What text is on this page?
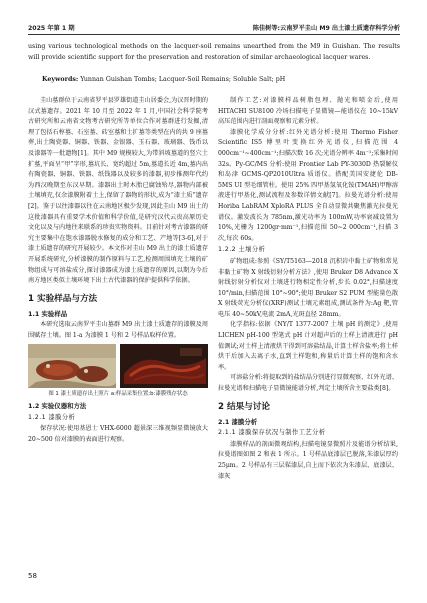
2025 年第 1 期	陈佳树等:云南罗平圭山 M9 出土漆土质遗存科学分析
using various technological methods on the lacquer-soil remains unearthed from the M9 in Guishan. The results will provide scientific support for the preservation and restoration of similar archaeological lacquer wares.
Keywords: Yunnan Guishan Tombs; Lacquer-Soil Remains; Soluble Salt; pH

圭山墓群位于云南省罗平县罗雄街道圭山居委会,为汉晋时期的汉式墓遗存。2021 年 10 月至 2022 年 1 月,中国社会科学院考古研究所和云南省文物考古研究所等单位合作对墓群进行发掘,清理了包括石椁墓、石室墓、砖室墓和土扩墓等类型在内的共 9 座墓葬,出土陶瓷器、铜器、铁器、金银器、玉石器、玻璃器、钱币以及漆器等一批遗物[1]。其中 M9 规模较大,为带斜坡墓道的竖穴土扩墓,平面呈“甲”字形,墓坑长、宽约超过 5m,墓道长近 4m,墓内出有陶瓷器、铜器、铁器、纸钱器以及较多的漆器,初步推测年代约为西汉晚期至东汉早期。漆器出土时木胎已腐蚀殆尽,器物内部被土壤填充,仅余漆膜附着土上,保留了器物的形状,成为“漆土质”遗存[2]。鉴于以往漆器以往在云南地区极少发现,因此圭山 M9 出土的这批漆器具有重要学术价值和科学价值,是研究汉代云贵高原历史文化以及与内地往来联系的珍贵实物资料。目前针对考古漆器的研究主要集中在饱水漆器脱水修复的成分和工艺、产地等[3-6],对于漆土质遗存的研究开展较少。本文作对圭山 M9 出土的漆土质遗存开展系统研究,分析漆膜的制作原料与工艺,检测周围填充土壤的矿物组成与可溶盐成分,探讨漆器成为漆土质遗存的原因,以期为今后南方地区类似土壤环境下出土古代漆器的保护提供科学依据。

1 实验样品与方法
1.1 实验样品

本研究选取云南罗平圭山墓群 M9 出土漆土质遗存的漆膜及周围赋存土壤。图 1-a 为漆膜 1 号和 2 号样品取样位置。

图 1 漆土质遗存出土照片 a:样品采集位置;b:漆膜残存状态
1.2 实验仪器和方法
1.2.1 漆膜分析

保存状况:使用基恩士 VHX-6000 超景深三维视频显微镜放大 20~500 倍对漆膜的表面进行观察。

制作工艺:对漆膜样品树脂包埋、抛光和喷金后,使用 HITACHI SU8100 冷场扫描电子显微镜—能谱仪在 10~15kV 高压范围内进行剖面观察和元素分析。

漆膜化学成分分析:红外光谱分析:使用 Thermo Fisher Scientific IS5 傅里叶变换红外光谱仪,扫描范围 4 000cm⁻¹~400cm⁻¹;扫描次数 16 次;光谱分辨率 4m⁻¹;采集时间 32s。Py-GC/MS 分析:使用 Frontier Lab PY-3030D 热裂解仪和岛津 GCMS-QP2010Ultra 质谱仪。搭配美国安捷伦 DB-5MS UI 型毛细管柱。使用 25% 四甲基氢氧化铵(TMAH)甲醇溶液进行甲基化,测试流程及参数详情文献[7]。拉曼光谱分析:使用 Horiba LabRAM XploRA PLUS 全自动显微共聚焦激光拉曼光谱仪。激发波长为 785nm,激光功率为 100mW,功率衰减设置为 10%,光栅为 1200gr·mm⁻¹,扫描范围 50~2 000cm⁻¹,扫描 3 次,每次 60s。

1.2.2 土壤分析

矿物组成:参照《SY/T5163—2018 沉积岩中黏土矿物和常见非黏土矿物 X 射线衍射分析方法》,使用 Bruker D8 Advance X 射线衍射分析仪对土壤进行物相定性分析,步长 0.02°,扫描速度 10°/min,扫描范围 10°~90°;使用 Bruker S2 PUM 型能量色散 X 射线荧光分析仪(XRF)测试土壤元素组成,测试条件为:Ag 靶,管电压 40~50kV,电流 2mA,光斑直径 28mm。

化学指标:依据《NY/T 1377-2007 土壤 pH 的测定》,使用 LICHEN pH-100 型笔式 pH 计对超声后的土样上清液进行 pH 值测试;对土样上清液烘干得到可溶盐结晶,计算土样含盐率;将土样烘干后加入去离子水,直到土样饱和,称量后计算土样的饱和含水率。

可溶盐分析:将提取到的盐结晶分别进行显微观察、红外光谱、拉曼光谱和扫描电子显微镜能谱分析,判定土壤所含主要盐类[8]。

2 结果与讨论
2.1 漆膜分析
2.1.1 漆膜保存状况与制作工艺分析

漆膜样品的剖面微观结构,扫描电镜显微照片及能谱分析结果,拉曼谱图如图 2 和表 1 所示。1 号样品底漆层已脱落,朱漆层厚约 25μm。2 号样品有三层髹漆层,自上而下依次为朱漆层、底漆层、漆灰

58
